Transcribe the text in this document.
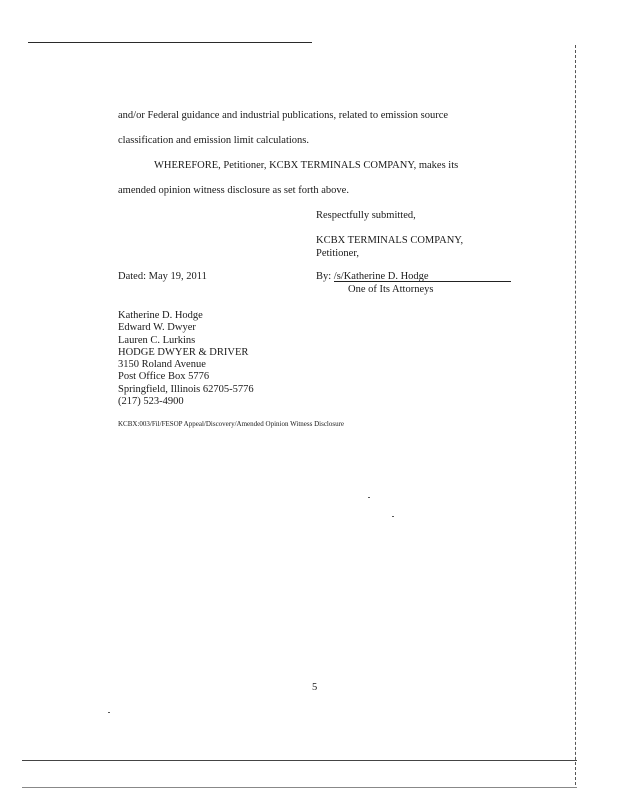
and/or Federal guidance and industrial publications, related to emission source
classification and emission limit calculations.
WHEREFORE, Petitioner, KCBX TERMINALS COMPANY, makes its
amended opinion witness disclosure as set forth above.
Respectfully submitted,
KCBX TERMINALS COMPANY,
Petitioner,
Dated: May 19, 2011	By: /s/Katherine D. Hodge
One of Its Attorneys
Katherine D. Hodge
Edward W. Dwyer
Lauren C. Lurkins
HODGE DWYER & DRIVER
3150 Roland Avenue
Post Office Box 5776
Springfield, Illinois 62705-5776
(217) 523-4900
KCBX:003/Fil/FESOP Appeal/Discovery/Amended Opinion Witness Disclosure
5
